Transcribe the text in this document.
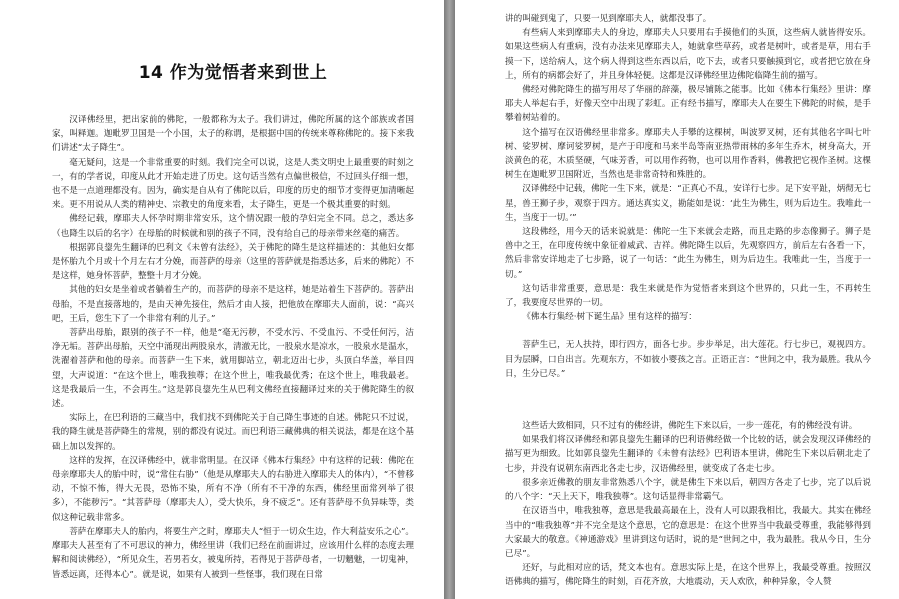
14 作为觉悟者来到世上

汉译佛经里，把出家前的佛陀，一般都称为太子。我们讲过，佛陀所属的这个部族或者国家，叫释迦。迦毗罗卫国是一个小国，太子的称谓，是根据中国的传统来尊称佛陀的。接下来我们讲述“太子降生”。

毫无疑问，这是一个非常重要的时刻。我们完全可以说，这是人类文明史上最重要的时刻之一，有的学者说，印度从此才开始走进了历史。这句话当然有点偏世极信，不过回头仔细一想，也不是一点道理都没有。因为，确实是自从有了佛陀以后，印度的历史的细节才变得更加清晰起来。更不用说从人类的精神史、宗教史的角度来看，太子降生，更是一个极其重要的时刻。

佛经记载，摩耶夫人怀孕时期非常安乐，这个情况跟一般的孕妇完全不同。总之，悉达多（也降生以后的名字）在母胎的时候就和别的孩子不同，没有给自己的母亲带来丝毫的痛苦。

根据郭良鋆先生翻译的巴利文《未曾有法经》，关于佛陀的降生是这样描述的：其他妇女都是怀胎九个月或十个月左右才分娩，而菩萨的母亲（这里的菩萨就是指悉达多，后来的佛陀）不是这样，她身怀菩萨，整整十月才分娩。

其他的妇女是坐着或者躺着生产的，而菩萨的母亲不是这样，她是站着生下菩萨的。菩萨出母胎，不是直接落地的，是由天神先接住，然后才由人接，把他放在摩耶夫人面前，说：“高兴吧，王后，您生下了一个非常有利的儿子。”

菩萨出母胎，跟别的孩子不一样，他是“毫无污秽，不受水污、不受血污、不受任何污，洁净无垢。菩萨出母胎，天空中涌现出两股泉水，清澈无比，一股泉水是凉水，一股泉水是温水，洗濯着菩萨和他的母亲。而菩萨一生下来，就用脚站立，朝北迈出七步，头顶白华盖，举目四望，大声说道：“在这个世上，唯我独尊；在这个世上，唯我最优秀；在这个世上，唯我最老。这是我最后一生，不会再生。”这是郭良鋆先生从巴利文佛经直接翻译过来的关于佛陀降生的叙述。

实际上，在巴利语的三藏当中，我们找不到佛陀关于自己降生事迹的自述。佛陀只不过说，我的降生就是菩萨降生的常规，别的都没有说过。而巴利语三藏佛典的相关说法，都是在这个基础上加以发挥的。

这样的发挥，在汉译佛经中，就非常明显。在汉译《佛本行集经》中有这样的记载：佛陀在母亲摩耶夫人的胎中时，说“常住右胁”（他是从摩耶夫人的右胁进入摩耶夫人的体内），“不曾移动，不惊不怖，得大无畏，恐怖不染，所有不净（所有不干净的东西，佛经里面常列举了很多），不能秽污”。“其菩萨母（摩耶夫人），受大快乐，身不疲乏”。还有菩萨母不负异味等，类似这种记载非常多。

菩萨在摩耶夫人的胎内，将要生产之时，摩耶夫人“恒于一切众生边，作大利益安乐之心”。摩耶夫人甚至有了不可思议的神力，佛经里讲（我们已经在前面讲过，应该用什么样的态度去理解和阅读佛经），“所见众生，若男若女，被鬼所持，若得见于菩萨母者，一切魑魅，一切鬼神，皆悉远离，还得本心”。就是说，如果有人被到一些怪事，我们现在日常

讲的叫碰到鬼了，只要一见到摩耶夫人，就都没事了。

有些病人来到摩耶夫人的身边，摩耶夫人只要用右手摸他们的头顶，这些病人就皆得安乐。如果这些病人有重病，没有办法来见摩耶夫人，她就拿些草药，或者是树叶，或者是草，用右手摸一下，送给病人，这个病人得到这些东西以后，吃下去，或者只要触摸到它，或者把它放在身上，所有的病都会好了，并且身体轻便。这都是汉译佛经里边佛陀临降生前的描写。

佛经对佛陀降生的描写用尽了华丽的辞藻，极尽铺陈之能事。比如《佛本行集经》里讲：摩耶夫人举起右手，好像天空中出现了彩虹。正有经书描写，摩耶夫人在要生下佛陀的时候，是手攀着树站着的。

这个描写在汉语佛经里非常多。摩耶夫人手攀的这棵树，叫波罗叉树，还有其他名字叫七叶树、娑罗树、摩诃娑罗树，是产于印度和马来半岛等南亚热带雨林的多年生乔木，树身高大，开淡黄色的花，木质坚硬，气味芳香，可以用作药物，也可以用作香料，佛教把它视作圣树。这棵树生在迦毗罗卫国附近，当然也是非常奇特和殊胜的。

汉译佛经中记载，佛陀一生下来，就是：“正真心不乱，安详行七步。足下安平趾，炳彻无七星，兽王狮子步，观察于四方。通达真实义，勘能如是说：‘此生为佛生，则为后边生。我唯此一生，当度于一切。’”

这段佛经，用今天的话来说就是：佛陀一生下来就会走路，而且走路的步态像狮子。狮子是兽中之王，在印度传统中象征着威武、吉祥。佛陀降生以后，先观察四方，前后左右各看一下，然后非常安详地走了七步路，说了一句话：“此生为佛生，则为后边生。我唯此一生，当度于一切。”

这句话非常重要，意思是：我生来就是作为觉悟者来到这个世界的，只此一生，不再转生了，我要度尽世界的一切。

《佛本行集经·树下诞生品》里有这样的描写：

菩萨生已，无人扶持，即行四方，面各七步。步步举足，出大莲花。行七步已，观视四方。目为层瞬，口自出言。先观东方，不如彼小婴孩之言。正语正言：“世间之中，我为最胜。我从今日，生分已尽。”

这些话大致相同，只不过有的佛经讲，佛陀生下来以后，一步一莲花，有的佛经没有讲。

如果我们将汉译佛经和郭良鋆先生翻译的巴利语佛经做一个比较的话，就会发现汉译佛经的描写更为细致。比如郭良鋆先生翻译的《未曾有法经》巴利语本里讲，佛陀生下来以后朝北走了七步，并没有说朝东南西北各走七步，汉语佛经里，就变成了各走七步。

很多亲近佛教的朋友非常熟悉八个字，就是佛生下来以后，朝四方各走了七步，完了以后说的八个字：“天上天下，唯我独尊”。这句话显得非常霸气。

在汉语当中，唯我独尊，意思是我最高最在上，没有人可以跟我相比，我最大。其实在佛经当中的“唯我独尊”并不完全是这个意思，它的意思是：在这个世界当中我最受尊重，我能够得到大家最大的敬意。《神通游戏》里讲到这句话时，说的是“世间之中，我为最胜。我从今日，生分已尽”。

还好，与此相对应的话，梵文本也有。意思实际上是，在这个世界上，我最受尊重。按照汉语佛典的描写，佛陀降生的时刻，百花齐放，大地震动，天人欢欣，种种异象，令人赞
